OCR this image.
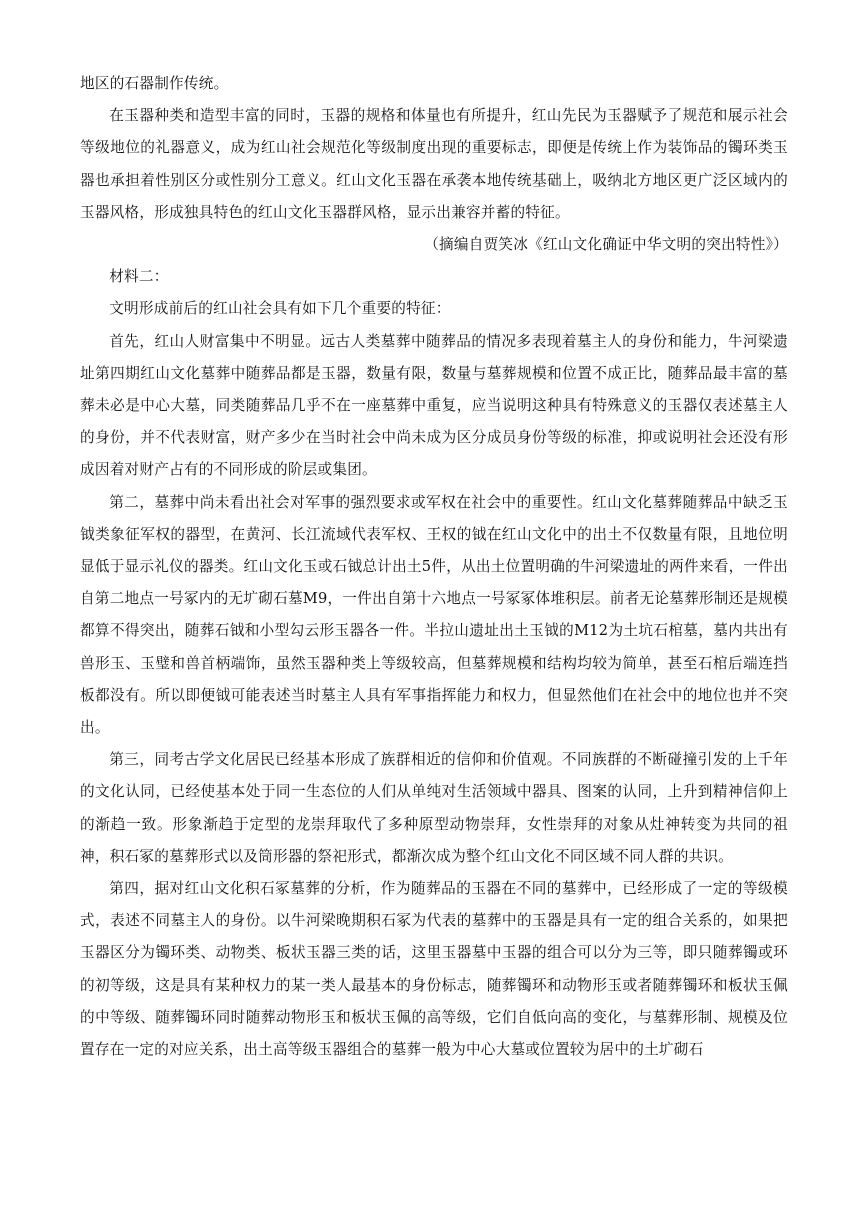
地区的石器制作传统。

在玉器种类和造型丰富的同时，玉器的规格和体量也有所提升，红山先民为玉器赋予了规范和展示社会等级地位的礼器意义，成为红山社会规范化等级制度出现的重要标志，即便是传统上作为装饰品的镯环类玉器也承担着性别区分或性别分工意义。红山文化玉器在承袭本地传统基础上，吸纳北方地区更广泛区域内的玉器风格，形成独具特色的红山文化玉器群风格，显示出兼容并蓄的特征。

（摘编自贾笑冰《红山文化确证中华文明的突出特性》）

材料二：

文明形成前后的红山社会具有如下几个重要的特征：

首先，红山人财富集中不明显。远古人类墓葬中随葬品的情况多表现着墓主人的身份和能力，牛河梁遗址第四期红山文化墓葬中随葬品都是玉器，数量有限，数量与墓葬规模和位置不成正比，随葬品最丰富的墓葬未必是中心大墓，同类随葬品几乎不在一座墓葬中重复，应当说明这种具有特殊意义的玉器仅表述墓主人的身份，并不代表财富，财产多少在当时社会中尚未成为区分成员身份等级的标准，抑或说明社会还没有形成因着对财产占有的不同形成的阶层或集团。

第二，墓葬中尚未看出社会对军事的强烈要求或军权在社会中的重要性。红山文化墓葬随葬品中缺乏玉钺类象征军权的器型，在黄河、长江流域代表军权、王权的钺在红山文化中的出土不仅数量有限，且地位明显低于显示礼仪的器类。红山文化玉或石钺总计出土5件，从出土位置明确的牛河梁遗址的两件来看，一件出自第二地点一号冢内的无圹砌石墓M9，一件出自第十六地点一号冢冢体堆积层。前者无论墓葬形制还是规模都算不得突出，随葬石钺和小型勾云形玉器各一件。半拉山遗址出土玉钺的M12为土坑石棺墓，墓内共出有兽形玉、玉璧和兽首柄端饰，虽然玉器种类上等级较高，但墓葬规模和结构均较为简单，甚至石棺后端连挡板都没有。所以即便钺可能表述当时墓主人具有军事指挥能力和权力，但显然他们在社会中的地位也并不突出。

第三，同考古学文化居民已经基本形成了族群相近的信仰和价值观。不同族群的不断碰撞引发的上千年的文化认同，已经使基本处于同一生态位的人们从单纯对生活领域中器具、图案的认同，上升到精神信仰上的渐趋一致。形象渐趋于定型的龙崇拜取代了多种原型动物崇拜，女性崇拜的对象从灶神转变为共同的祖神，积石冢的墓葬形式以及筒形器的祭祀形式，都渐次成为整个红山文化不同区域不同人群的共识。

第四，据对红山文化积石冢墓葬的分析，作为随葬品的玉器在不同的墓葬中，已经形成了一定的等级模式，表述不同墓主人的身份。以牛河梁晚期积石冢为代表的墓葬中的玉器是具有一定的组合关系的，如果把玉器区分为镯环类、动物类、板状玉器三类的话，这里玉器墓中玉器的组合可以分为三等，即只随葬镯或环的初等级，这是具有某种权力的某一类人最基本的身份标志，随葬镯环和动物形玉或者随葬镯环和板状玉佩的中等级、随葬镯环同时随葬动物形玉和板状玉佩的高等级，它们自低向高的变化，与墓葬形制、规模及位置存在一定的对应关系，出土高等级玉器组合的墓葬一般为中心大墓或位置较为居中的土圹砌石
